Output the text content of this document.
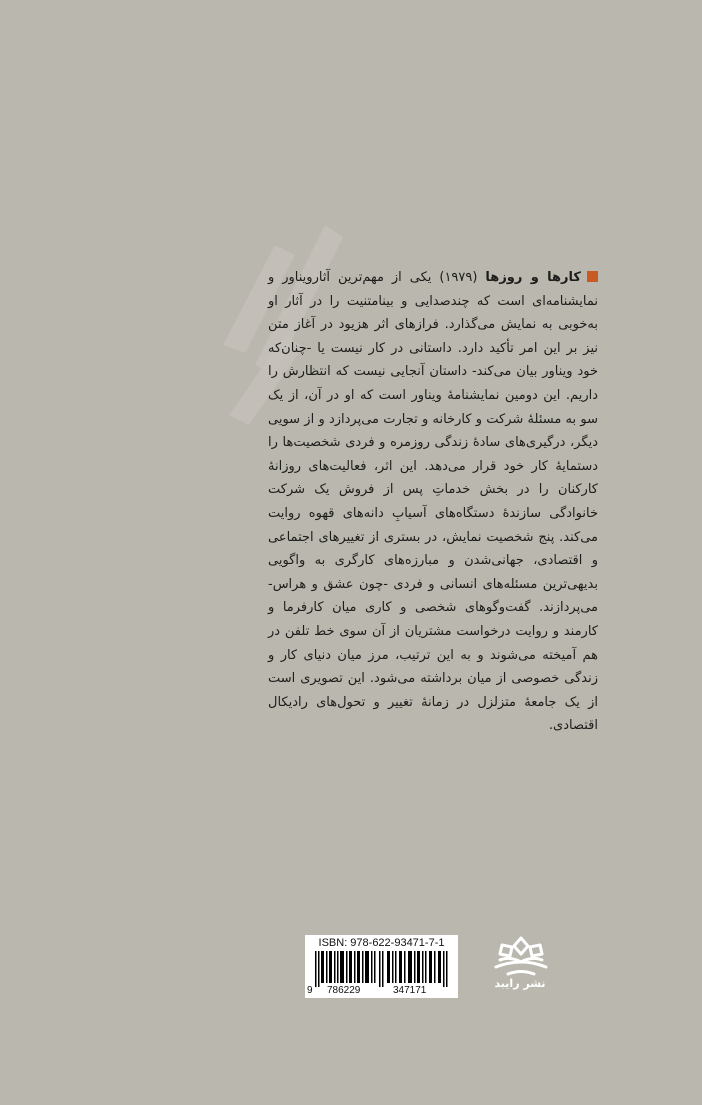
کارها و روزها (۱۹۷۹) یکی از مهم‌ترین آثارویناور و نمایشنامه‌ای است که چندصدایی و بینامتنیت را در آثار او به‌خوبی به نمایش می‌گذارد. فرازهای اثر هزیود در آغاز متن نیز بر این امر تأکید دارد. داستانی در کار نیست یا -چنان‌که خود ویناور بیان می‌کند- داستان آنجایی نیست که انتظارش را داریم. این دومین نمایشنامهٔ ویناور است که او در آن، از یک سو به مسئلهٔ شرکت و کارخانه و تجارت می‌پردازد و از سویی دیگر، درگیری‌های سادهٔ زندگی روزمره و فردی شخصیت‌ها را دستمایهٔ کار خود قرار می‌دهد. این اثر، فعالیت‌های روزانهٔ کارکنان را در بخش خدماتِ پس از فروش یک شرکت خانوادگی سازندهٔ دستگاه‌های آسیابِ دانه‌های قهوه روایت می‌کند. پنج شخصیت نمایش، در بستری از تغییرهای اجتماعی و اقتصادی، جهانی‌شدن و مبارزه‌های کارگری به واگویی بدیهی‌ترین مسئله‌های انسانی و فردی -چون عشق و هراس- می‌پردازند. گفت‌وگوهای شخصی و کاری میان کارفرما و کارمند و روایت درخواست مشتریان از آن سوی خط تلفن در هم آمیخته می‌شوند و به این ترتیب، مرز میان دنیای کار و زندگی خصوصی از میان برداشته می‌شود. این تصویری است از یک جامعهٔ متزلزل در زمانهٔ تغییر و تحول‌های رادیکال اقتصادی.
ISBN: 978-622-93471-7-1
9 786229	347171
نشر رایبد
